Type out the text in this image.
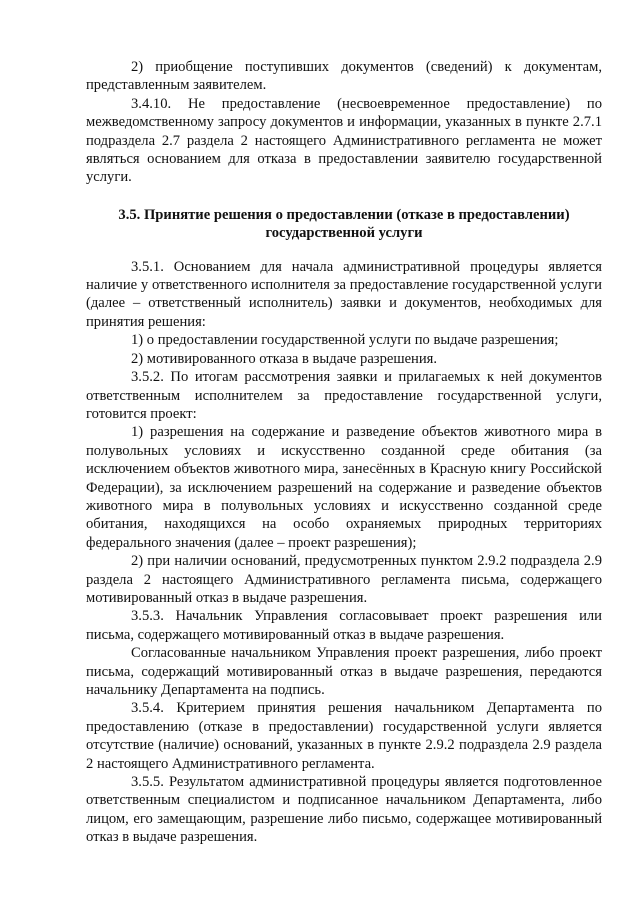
2) приобщение поступивших документов (сведений) к документам, представленным заявителем.

3.4.10. Не предоставление (несвоевременное предоставление) по межведомственному запросу документов и информации, указанных в пункте 2.7.1 подраздела 2.7 раздела 2 настоящего Административного регламента не может являться основанием для отказа в предоставлении заявителю государственной услуги.

3.5. Принятие решения о предоставлении (отказе в предоставлении) государственной услуги

3.5.1. Основанием для начала административной процедуры является наличие у ответственного исполнителя за предоставление государственной услуги (далее – ответственный исполнитель) заявки и документов, необходимых для принятия решения:

1) о предоставлении государственной услуги по выдаче разрешения;

2) мотивированного отказа в выдаче разрешения.

3.5.2. По итогам рассмотрения заявки и прилагаемых к ней документов ответственным исполнителем за предоставление государственной услуги, готовится проект:

1) разрешения на содержание и разведение объектов животного мира в полувольных условиях и искусственно созданной среде обитания (за исключением объектов животного мира, занесённых в Красную книгу Российской Федерации), за исключением разрешений на содержание и разведение объектов животного мира в полувольных условиях и искусственно созданной среде обитания, находящихся на особо охраняемых природных территориях федерального значения (далее – проект разрешения);

2) при наличии оснований, предусмотренных пунктом 2.9.2 подраздела 2.9 раздела 2 настоящего Административного регламента письма, содержащего мотивированный отказ в выдаче разрешения.

3.5.3. Начальник Управления согласовывает проект разрешения или письма, содержащего мотивированный отказ в выдаче разрешения.

Согласованные начальником Управления проект разрешения, либо проект письма, содержащий мотивированный отказ в выдаче разрешения, передаются начальнику Департамента на подпись.

3.5.4. Критерием принятия решения начальником Департамента по предоставлению (отказе в предоставлении) государственной услуги является отсутствие (наличие) оснований, указанных в пункте 2.9.2 подраздела 2.9 раздела 2 настоящего Административного регламента.

3.5.5. Результатом административной процедуры является подготовленное ответственным специалистом и подписанное начальником Департамента, либо лицом, его замещающим, разрешение либо письмо, содержащее мотивированный отказ в выдаче разрешения.
